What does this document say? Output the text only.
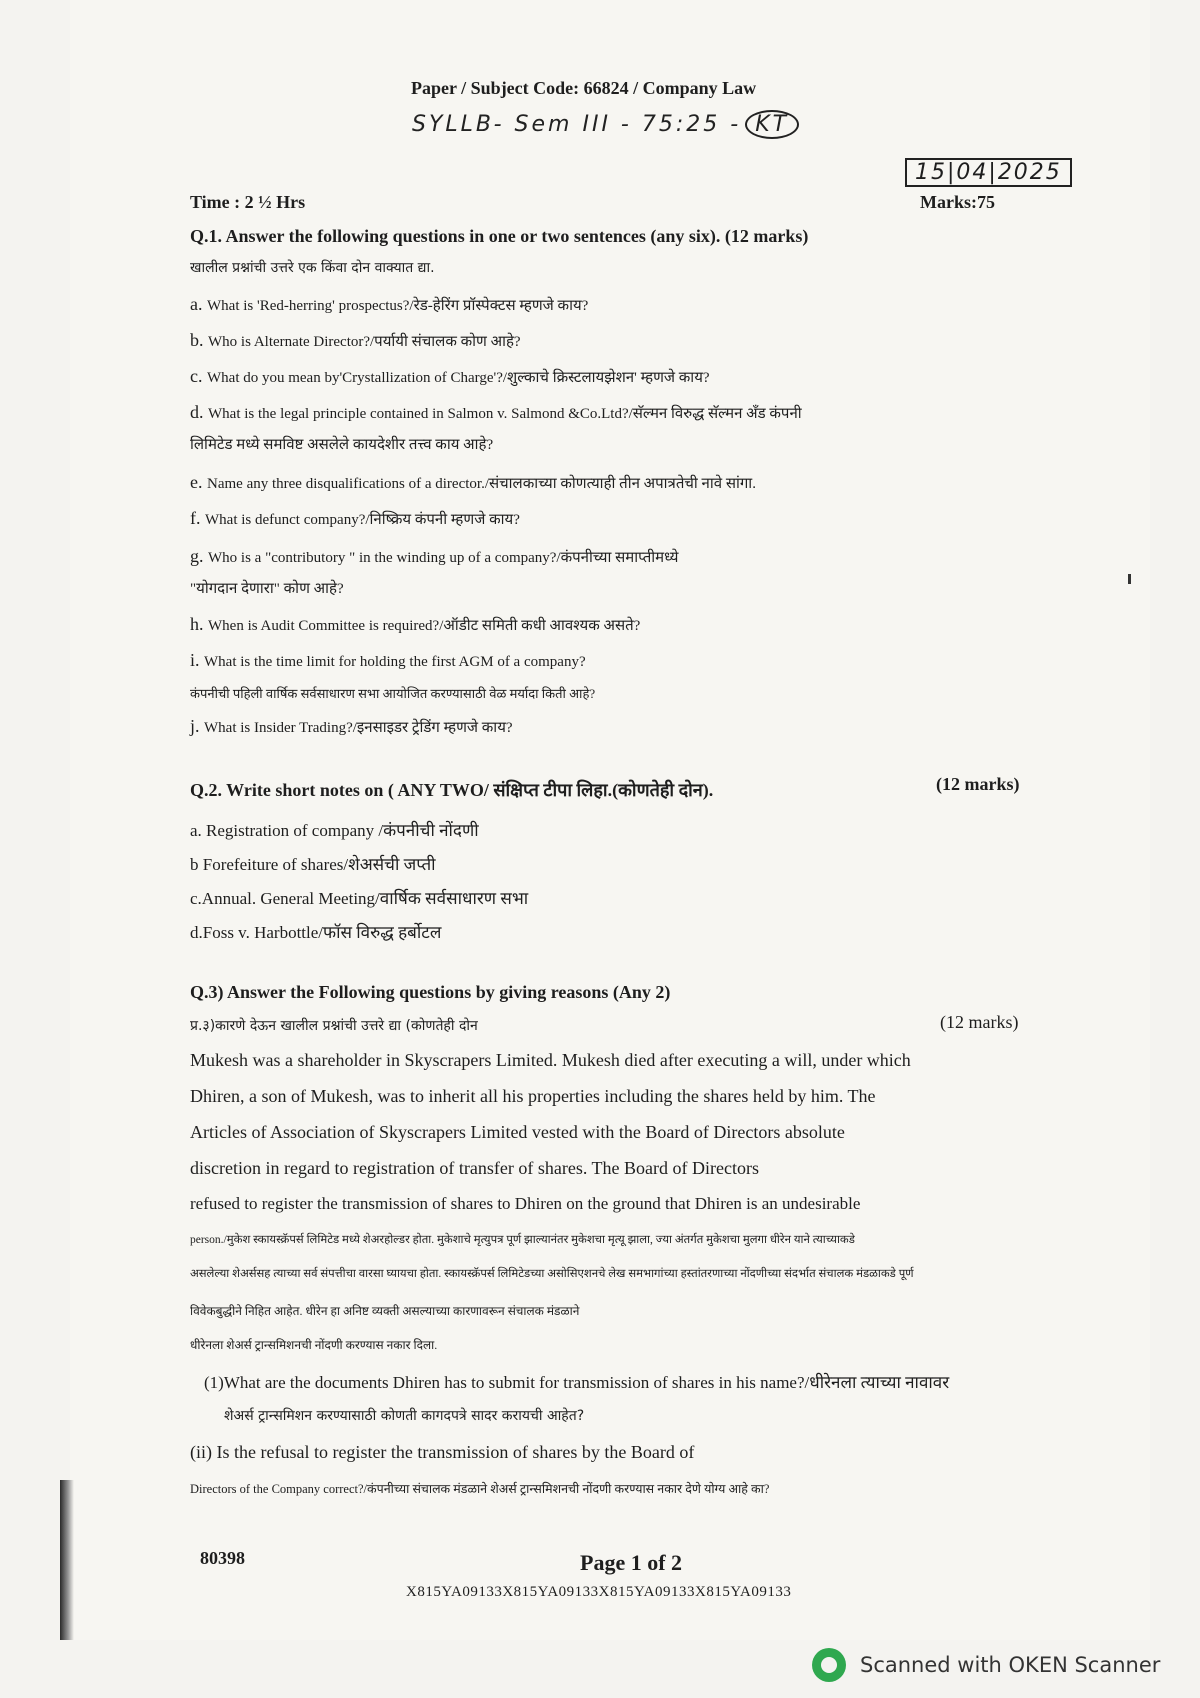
Paper / Subject Code: 66824 / Company Law
SYLLB- Sem III - 75:25 - KT
15|04|2025
Time : 2 ½ Hrs	Marks:75
Q.1. Answer the following questions in one or two sentences (any six). (12 marks)
खालील प्रश्नांची उत्तरे एक किंवा दोन वाक्यात द्या.
a. What is 'Red-herring' prospectus?/रेड-हेरिंग प्रॉस्पेक्टस म्हणजे काय?
b. Who is Alternate Director?/पर्यायी संचालक कोण आहे?
c. What do you mean by'Crystallization of Charge'?/शुल्काचे क्रिस्टलायझेशन' म्हणजे काय?
d. What is the legal principle contained in Salmon v. Salmond &Co.Ltd?/सॅल्मन विरुद्ध सॅल्मन अँड कंपनी
लिमिटेड मध्ये समविष्ट असलेले कायदेशीर तत्त्व काय आहे?
e. Name any three disqualifications of a director./संचालकाच्या कोणत्याही तीन अपात्रतेची नावे सांगा.
f. What is defunct company?/निष्क्रिय कंपनी म्हणजे काय?
g. Who is a "contributory " in the winding up of a company?/कंपनीच्या समाप्तीमध्ये
"योगदान देणारा" कोण आहे?
h. When is Audit Committee is required?/ऑडीट समिती कधी आवश्यक असते?
i. What is the time limit for holding the first AGM of a company?
कंपनीची पहिली वार्षिक सर्वसाधारण सभा आयोजित करण्यासाठी वेळ मर्यादा किती आहे?
j. What is Insider Trading?/इनसाइडर ट्रेडिंग म्हणजे काय?
Q.2. Write short notes on ( ANY TWO/ संक्षिप्त टीपा लिहा.(कोणतेही दोन).	(12 marks)
a. Registration of company /कंपनीची नोंदणी
b Forefeiture of shares/शेअर्सची जप्ती
c.Annual. General Meeting/वार्षिक सर्वसाधारण सभा
d.Foss v. Harbottle/फॉस विरुद्ध हर्बोटल
Q.3) Answer the Following questions by giving reasons (Any 2)
प्र.३)कारणे देऊन खालील प्रश्नांची उत्तरे द्या (कोणतेही दोन	(12 marks)
Mukesh was a shareholder in Skyscrapers Limited. Mukesh died after executing a will, under which
Dhiren, a son of Mukesh, was to inherit all his properties including the shares held by him. The
Articles of Association of Skyscrapers Limited vested with the Board of Directors absolute
discretion in regard to registration of transfer of shares. The Board of Directors
refused to register the transmission of shares to Dhiren on the ground that Dhiren is an undesirable
person./मुकेश स्कायस्क्रॅपर्स लिमिटेड मध्ये शेअरहोल्डर होता. मुकेशाचे मृत्युपत्र पूर्ण झाल्यानंतर मुकेशचा मृत्यू झाला, ज्या अंतर्गत मुकेशचा मुलगा धीरेन याने त्याच्याकडे
असलेल्या शेअर्ससह त्याच्या सर्व संपत्तीचा वारसा घ्यायचा होता. स्कायस्क्रॅपर्स लिमिटेडच्या असोसिएशनचे लेख समभागांच्या हस्तांतरणाच्या नोंदणीच्या संदर्भात संचालक मंडळाकडे पूर्ण
विवेकबुद्धीने निहित आहेत. धीरेन हा अनिष्ट व्यक्ती असल्याच्या कारणावरून संचालक मंडळाने
धीरेनला शेअर्स ट्रान्समिशनची नोंदणी करण्यास नकार दिला.
(1)What are the documents Dhiren has to submit for transmission of shares in his name?/धीरेनला त्याच्या नावावर
शेअर्स ट्रान्समिशन करण्यासाठी कोणती कागदपत्रे सादर करायची आहेत?
(ii) Is the refusal to register the transmission of shares by the Board of
Directors of the Company correct?/कंपनीच्या संचालक मंडळाने शेअर्स ट्रान्समिशनची नोंदणी करण्यास नकार देणे योग्य आहे का?
80398	Page 1 of 2
X815YA09133X815YA09133X815YA09133X815YA09133
Scanned with OKEN Scanner
